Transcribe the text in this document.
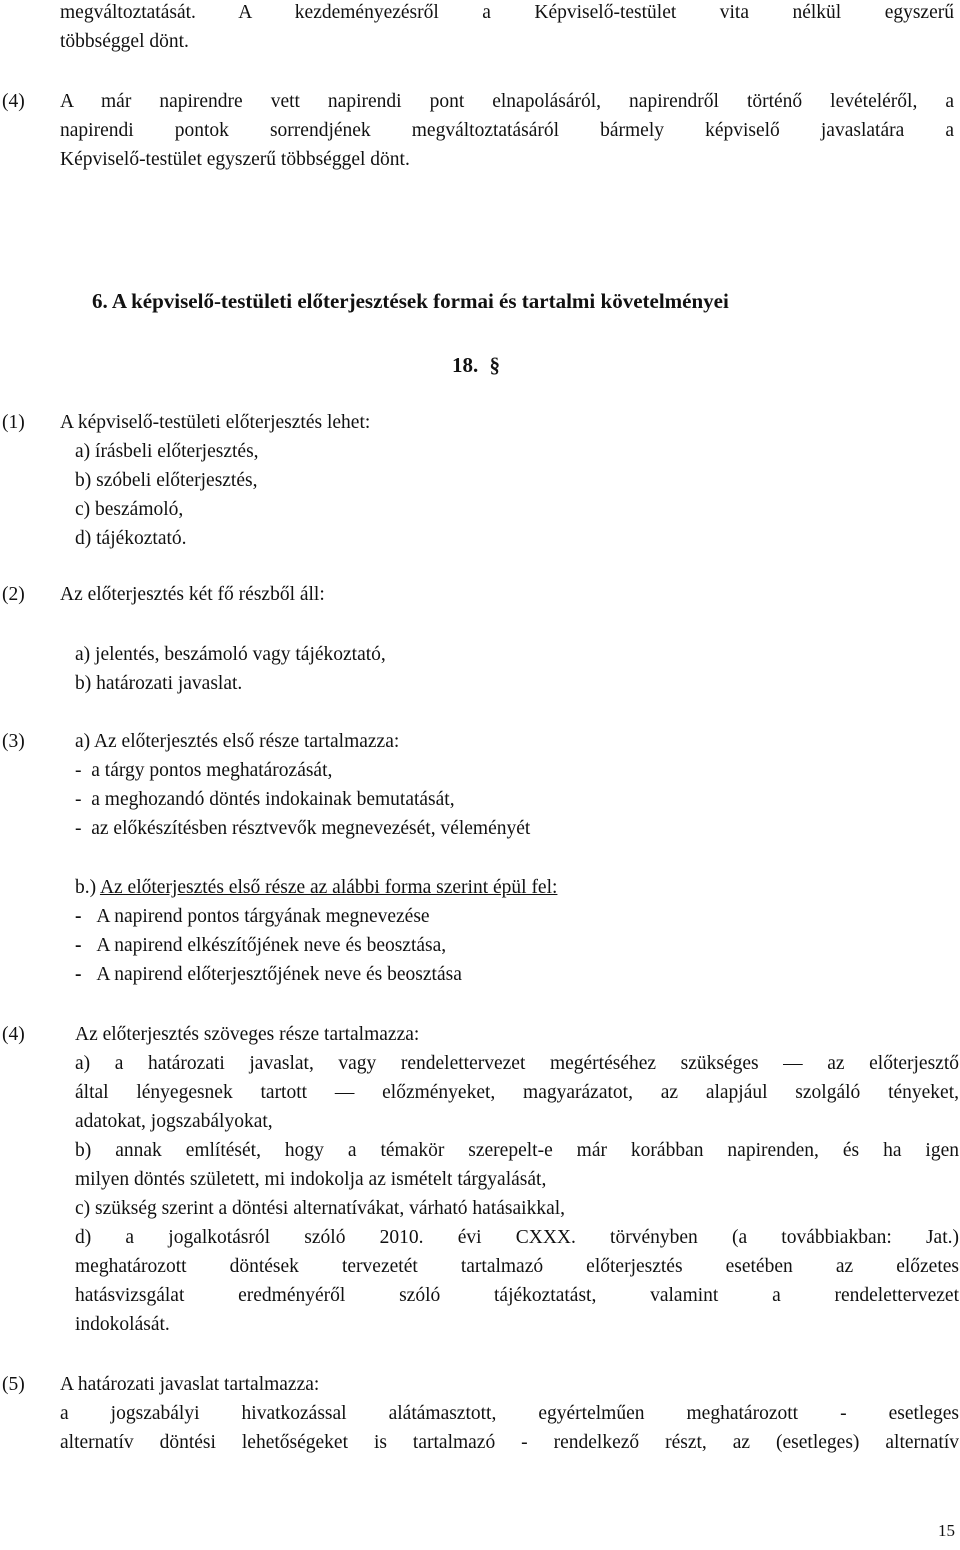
megváltoztatását. A kezdeményezésről a Képviselő-testület vita nélkül egyszerű
többséggel dönt.
(4) A már napirendre vett napirendi pont elnapolásáról, napirendről történő levételéről, a
napirendi pontok sorrendjének megváltoztatásáról bármely képviselő javaslatára a
Képviselő-testület egyszerű többséggel dönt.
6. A képviselő-testületi előterjesztések formai és tartalmi követelményei
18. §
(1) A képviselő-testületi előterjesztés lehet:
a) írásbeli előterjesztés,
b) szóbeli előterjesztés,
c) beszámoló,
d) tájékoztató.
(2) Az előterjesztés két fő részből áll:
a) jelentés, beszámoló vagy tájékoztató,
b) határozati javaslat.
(3)	a) Az előterjesztés első része tartalmazza:
-  a tárgy pontos meghatározását,
-  a meghozandó döntés indokainak bemutatását,
-  az előkészítésben résztvevők megnevezését, véleményét
b.) Az előterjesztés első része az alábbi forma szerint épül fel:
- A napirend pontos tárgyának megnevezése
- A napirend elkészítőjének neve és beosztása,
- A napirend előterjesztőjének neve és beosztása
(4)	Az előterjesztés szöveges része tartalmazza:
a) a határozati javaslat, vagy rendelettervezet megértéséhez szükséges — az előterjesztő
által lényegesnek tartott — előzményeket, magyarázatot, az alapjául szolgáló tényeket,
adatokat, jogszabályokat,
b) annak említését, hogy a témakör szerepelt-e már korábban napirenden, és ha igen
milyen döntés született, mi indokolja az ismételt tárgyalását,
c) szükség szerint a döntési alternatívákat, várható hatásaikkal,
d) a jogalkotásról szóló 2010. évi CXXX. törvényben (a továbbiakban: Jat.)
meghatározott döntések tervezetét tartalmazó előterjesztés esetében az előzetes
hatásvizsgálat eredményéről szóló tájékoztatást, valamint a rendelettervezet
indokolását.
(5) A határozati javaslat tartalmazza:
a jogszabályi hivatkozással alátámasztott, egyértelműen meghatározott - esetleges
alternatív döntési lehetőségeket is tartalmazó - rendelkező részt, az (esetleges) alternatív
15
